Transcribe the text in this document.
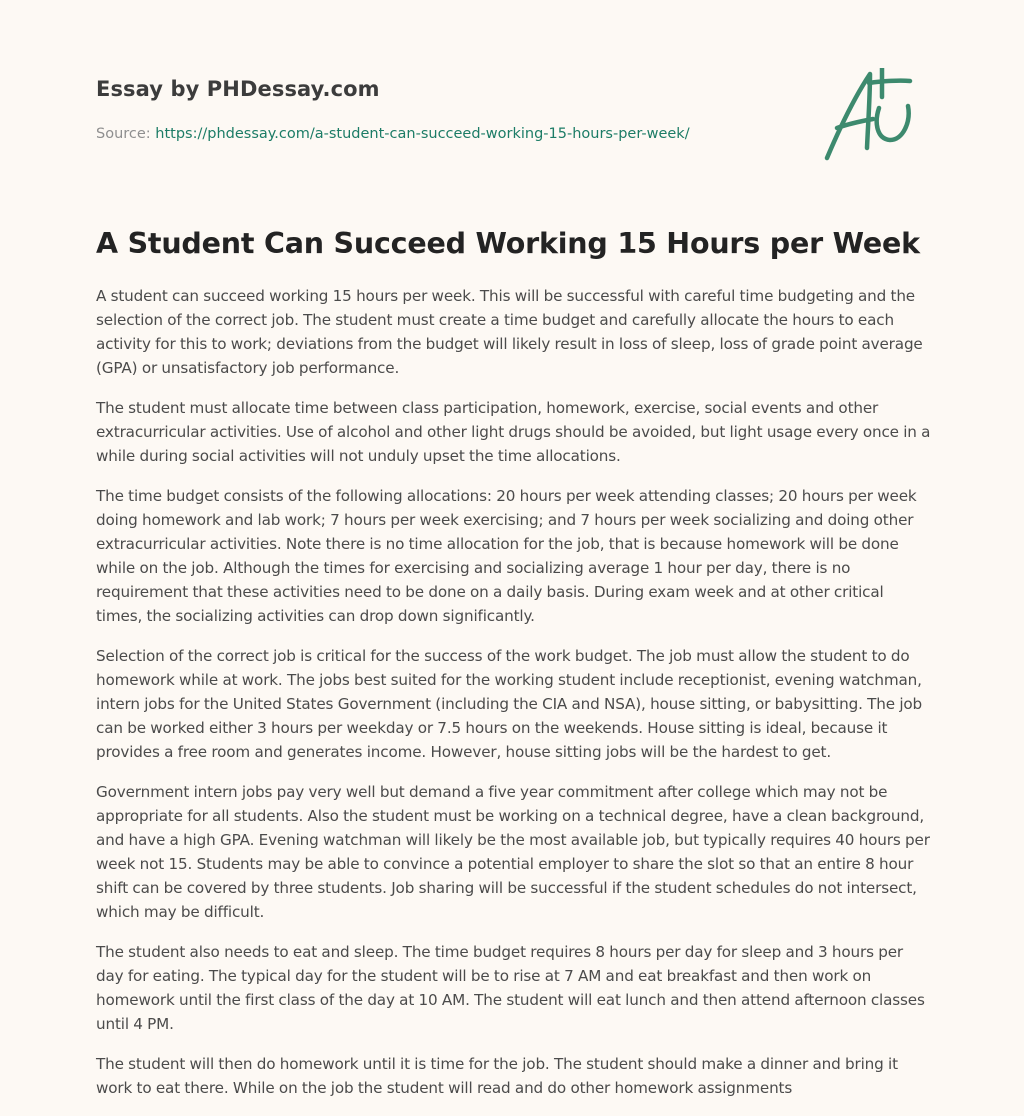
Essay by PHDessay.com

Source: https://phdessay.com/a-student-can-succeed-working-15-hours-per-week/
A Student Can Succeed Working 15 Hours per Week

A student can succeed working 15 hours per week. This will be successful with careful time budgeting and the selection of the correct job. The student must create a time budget and carefully allocate the hours to each activity for this to work; deviations from the budget will likely result in loss of sleep, loss of grade point average (GPA) or unsatisfactory job performance.

The student must allocate time between class participation, homework, exercise, social events and other extracurricular activities. Use of alcohol and other light drugs should be avoided, but light usage every once in a while during social activities will not unduly upset the time allocations.

The time budget consists of the following allocations: 20 hours per week attending classes; 20 hours per week doing homework and lab work; 7 hours per week exercising; and 7 hours per week socializing and doing other extracurricular activities. Note there is no time allocation for the job, that is because homework will be done while on the job. Although the times for exercising and socializing average 1 hour per day, there is no requirement that these activities need to be done on a daily basis. During exam week and at other critical times, the socializing activities can drop down significantly.

Selection of the correct job is critical for the success of the work budget. The job must allow the student to do homework while at work. The jobs best suited for the working student include receptionist, evening watchman, intern jobs for the United States Government (including the CIA and NSA), house sitting, or babysitting. The job can be worked either 3 hours per weekday or 7.5 hours on the weekends. House sitting is ideal, because it provides a free room and generates income. However, house sitting jobs will be the hardest to get.

Government intern jobs pay very well but demand a five year commitment after college which may not be appropriate for all students. Also the student must be working on a technical degree, have a clean background, and have a high GPA. Evening watchman will likely be the most available job, but typically requires 40 hours per week not 15. Students may be able to convince a potential employer to share the slot so that an entire 8 hour shift can be covered by three students. Job sharing will be successful if the student schedules do not intersect, which may be difficult.

The student also needs to eat and sleep. The time budget requires 8 hours per day for sleep and 3 hours per day for eating. The typical day for the student will be to rise at 7 AM and eat breakfast and then work on homework until the first class of the day at 10 AM. The student will eat lunch and then attend afternoon classes until 4 PM.

The student will then do homework until it is time for the job. The student should make a dinner and bring it work to eat there. While on the job the student will read and do other homework assignments
